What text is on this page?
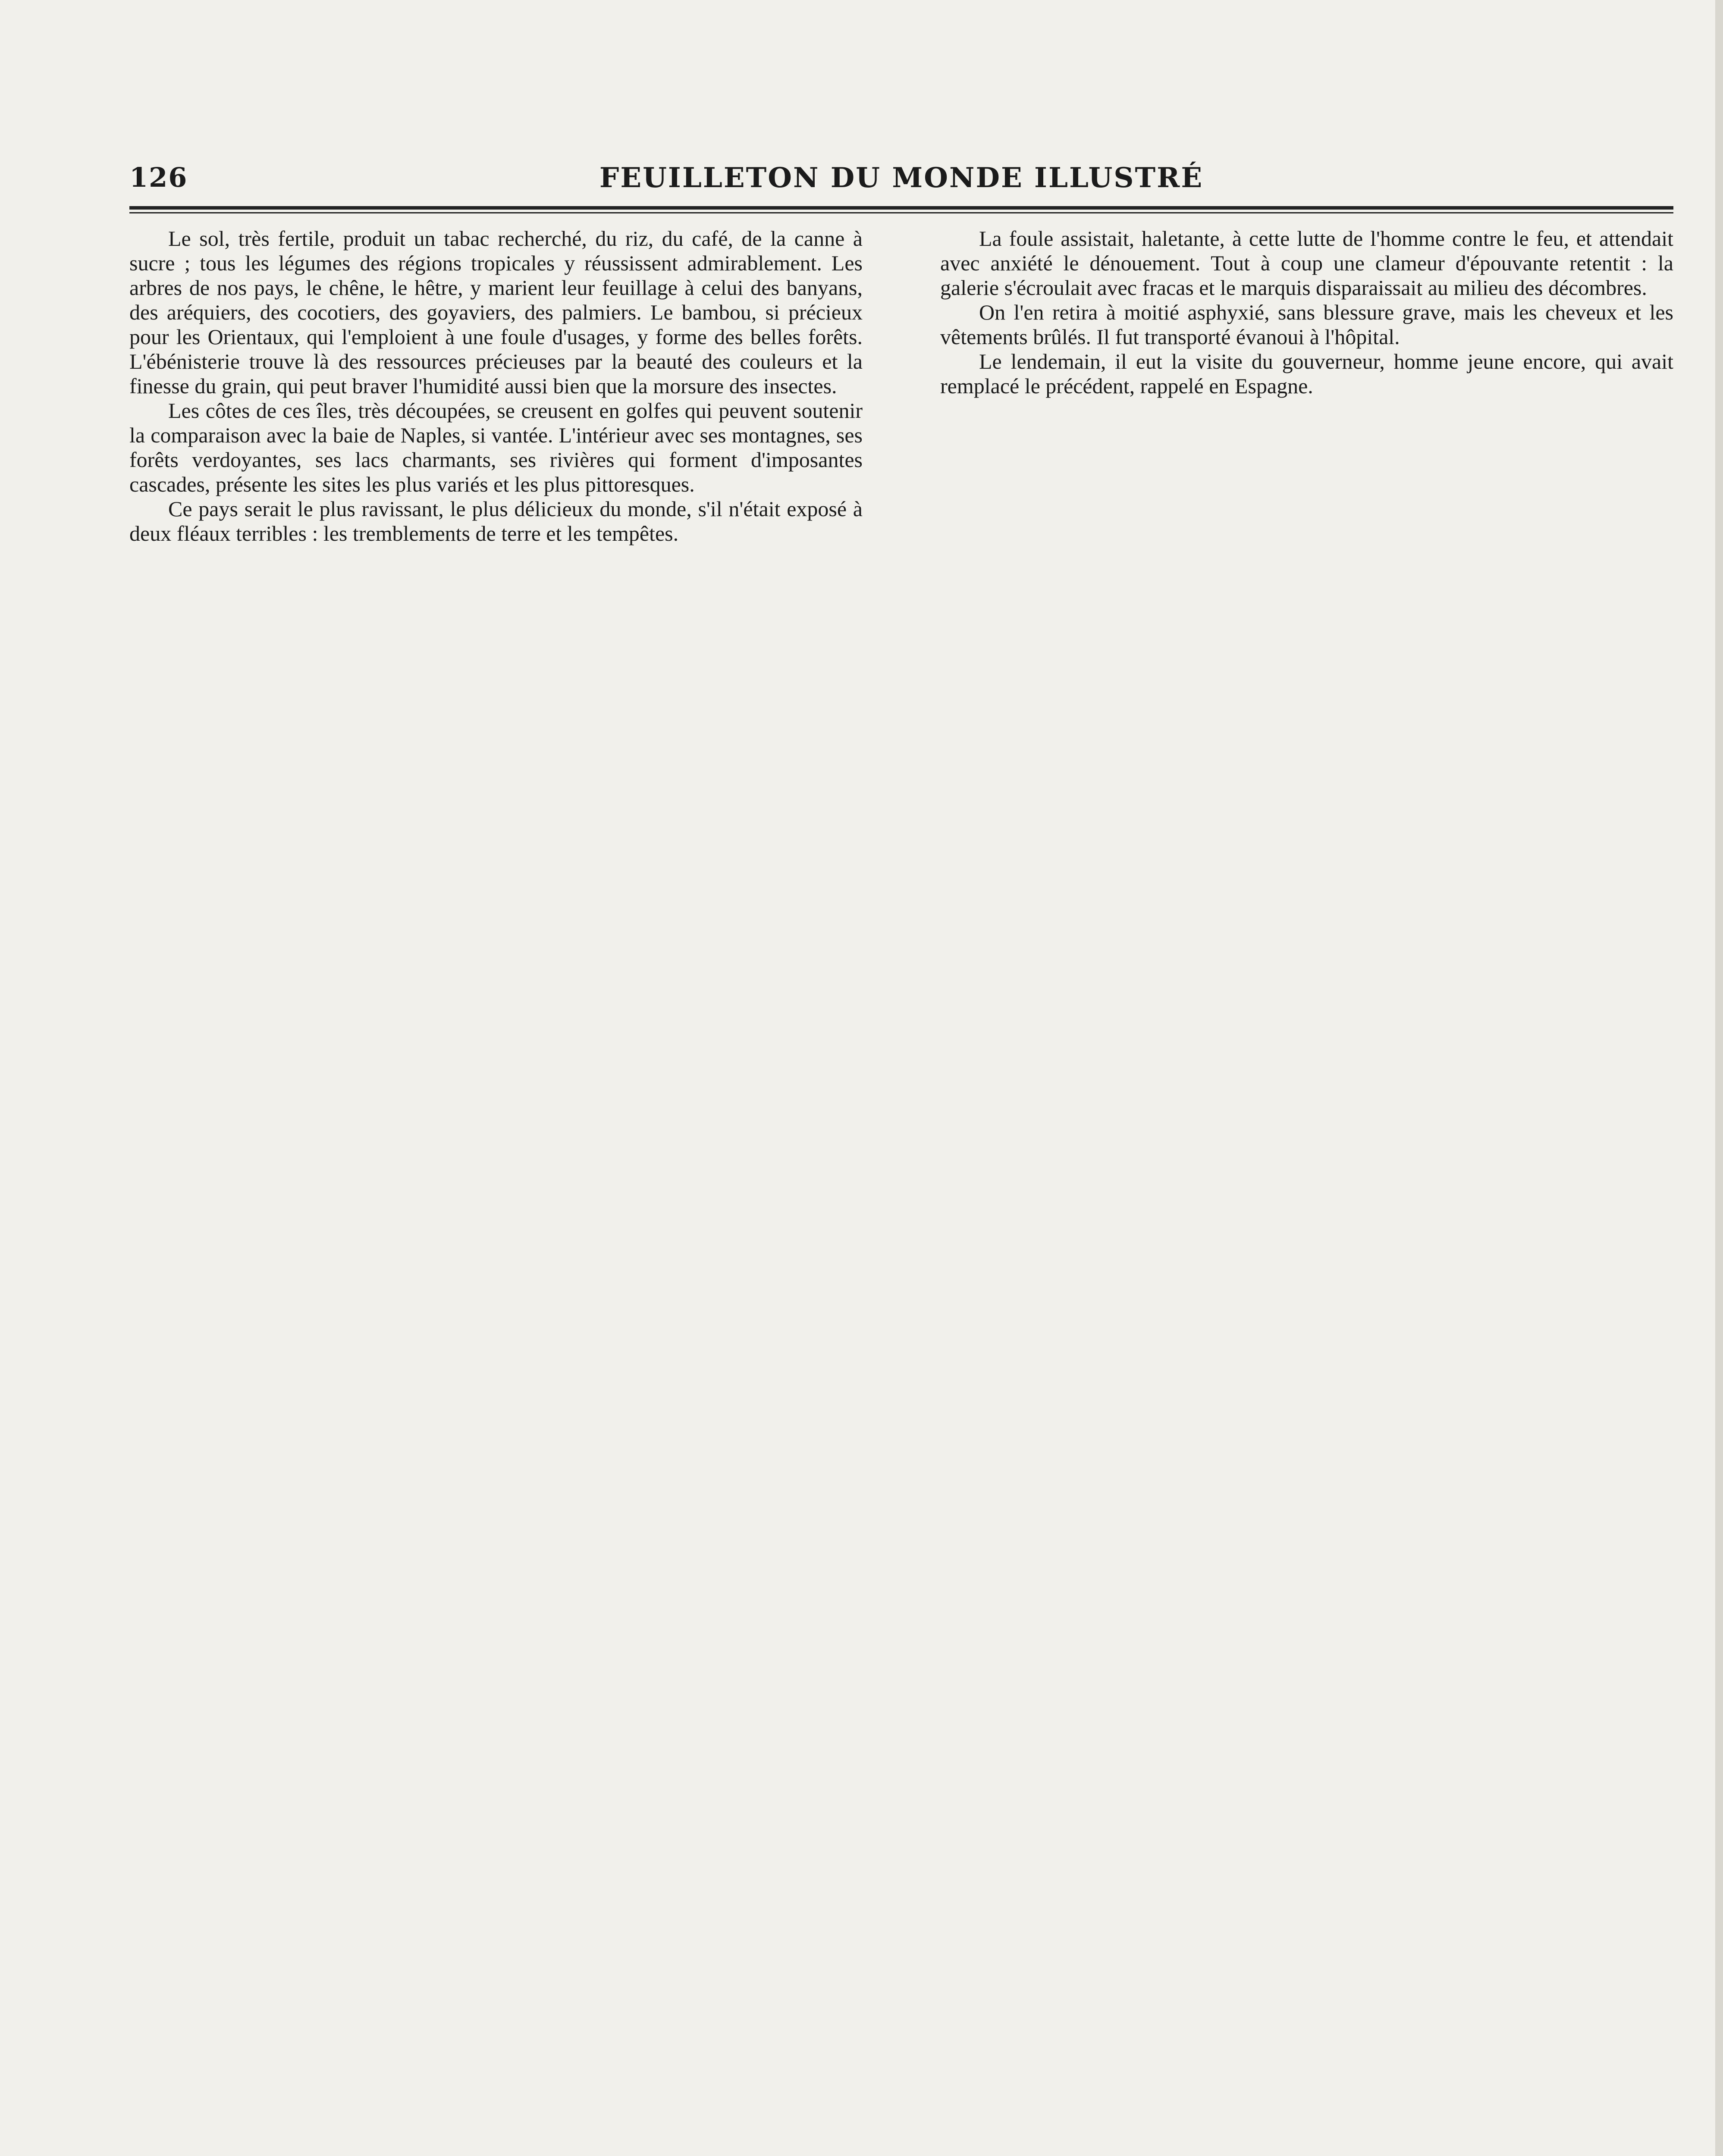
126	FEUILLETON DU MONDE ILLUSTRÉ

Le sol, très fertile, produit un tabac recherché, du riz, du café, de la canne à sucre ; tous les légumes des régions tropicales y réussissent admirablement. Les arbres de nos pays, le chêne, le hêtre, y marient leur feuillage à celui des banyans, des aréquiers, des cocotiers, des goyaviers, des palmiers. Le bambou, si précieux pour les Orientaux, qui l'emploient à une foule d'usages, y forme des belles forêts. L'ébénisterie trouve là des ressources précieuses par la beauté des couleurs et la finesse du grain, qui peut braver l'humidité aussi bien que la morsure des insectes.

Les côtes de ces îles, très découpées, se creusent en golfes qui peuvent soutenir la comparaison avec la baie de Naples, si vantée. L'intérieur avec ses montagnes, ses forêts verdoyantes, ses lacs charmants, ses rivières qui forment d'imposantes cascades, présente les sites les plus variés et les plus pittoresques.

Ce pays serait le plus ravissant, le plus délicieux du monde, s'il n'était exposé à deux fléaux terribles : les tremblements de terre et les tempêtes.

La foule assistait, haletante, à cette lutte de l'homme contre le feu, et attendait avec anxiété le dénouement. Tout à coup une clameur d'épouvante retentit : la galerie s'écroulait avec fracas et le marquis disparaissait au milieu des décombres.

On l'en retira à moitié asphyxié, sans blessure grave, mais les cheveux et les vêtements brûlés. Il fut transporté évanoui à l'hôpital.

Le lendemain, il eut la visite du gouverneur, homme jeune encore, qui avait remplacé le précédent, rappelé en Espagne.
